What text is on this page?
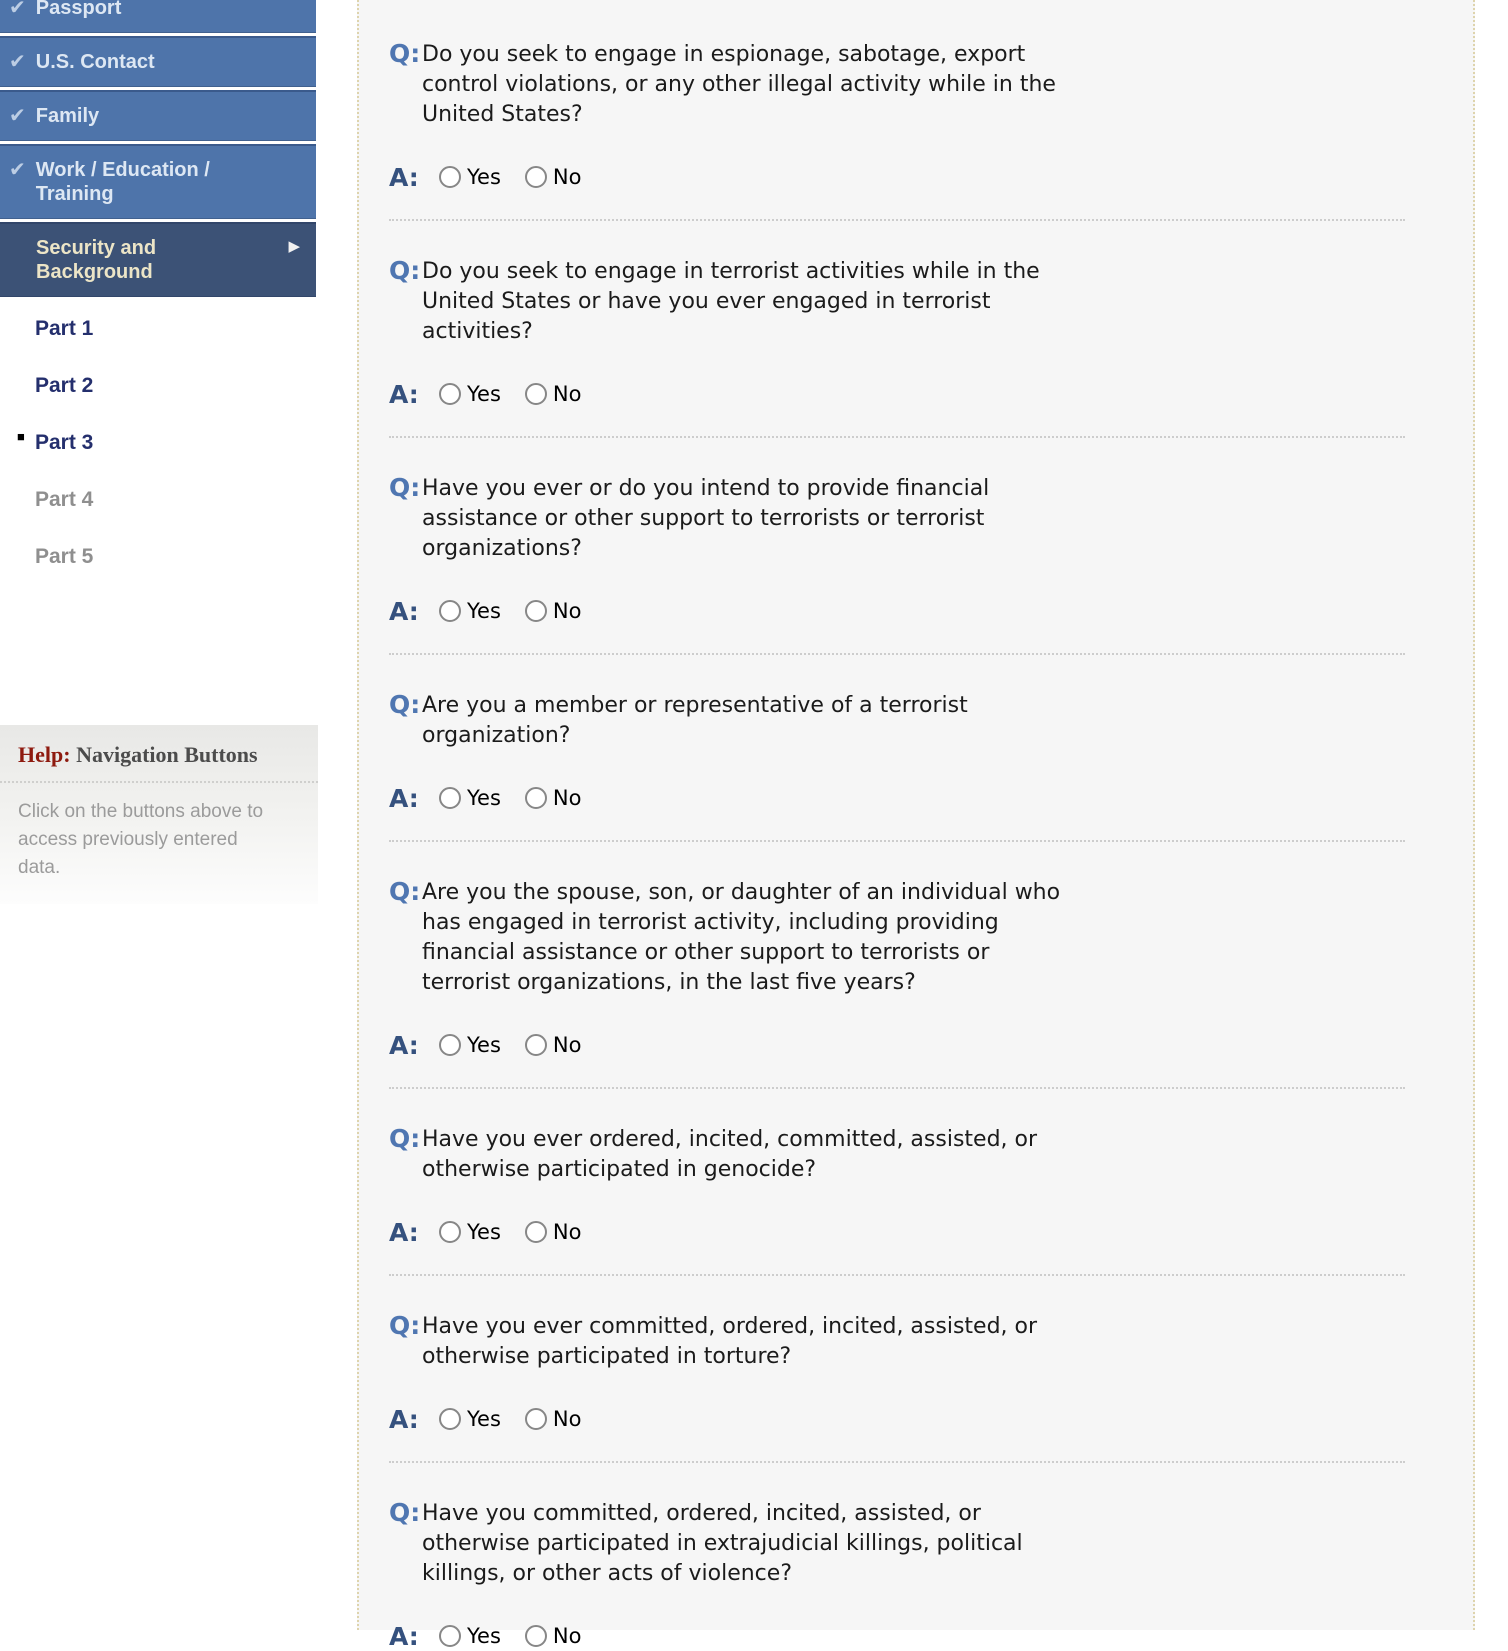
Q: Do you seek to engage in espionage, sabotage, export control violations, or any other illegal activity while in the United States?

A: Yes No
Q: Do you seek to engage in terrorist activities while in the United States or have you ever engaged in terrorist activities?

A: Yes No
Q: Have you ever or do you intend to provide financial assistance or other support to terrorists or terrorist organizations?

A: Yes No
Q: Are you a member or representative of a terrorist organization?

A: Yes No
Q: Are you the spouse, son, or daughter of an individual who has engaged in terrorist activity, including providing financial assistance or other support to terrorists or terrorist organizations, in the last five years?

A: Yes No
Q: Have you ever ordered, incited, committed, assisted, or otherwise participated in genocide?

A: Yes No
Q: Have you ever committed, ordered, incited, assisted, or otherwise participated in torture?

A: Yes No
Q: Have you committed, ordered, incited, assisted, or otherwise participated in extrajudicial killings, political killings, or other acts of violence?

A: Yes No
✔ Passport
✔ U.S. Contact
✔ Family
✔ Work / Education / Training
Security and Background
▶
Part 1
Part 2
■ Part 3
Part 4
Part 5
Help: Navigation Buttons

Click on the buttons above to access previously entered data.
